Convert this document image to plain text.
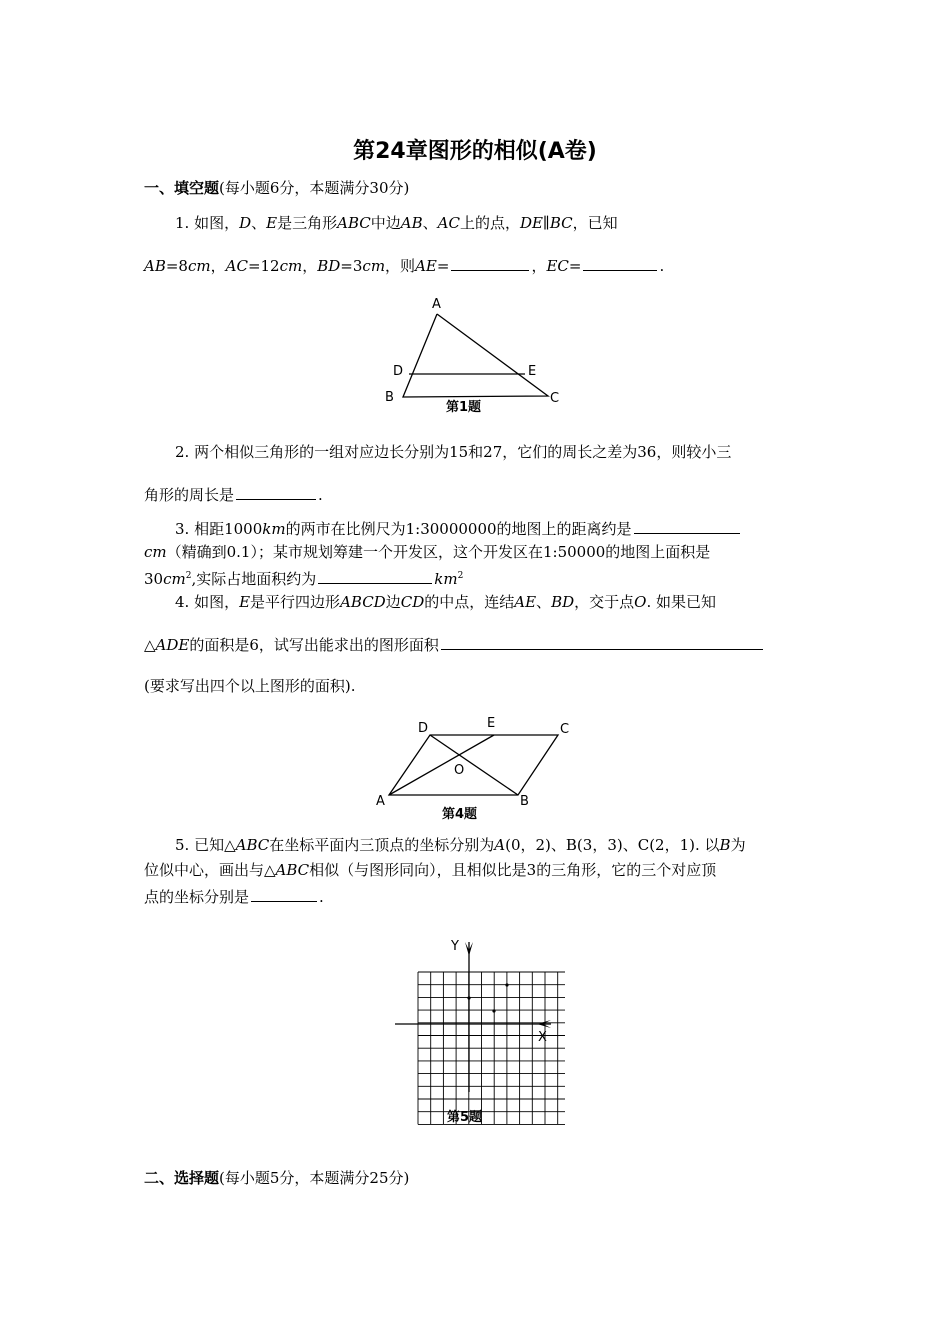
第24章图形的相似(A卷)
一、填空题(每小题6分，本题满分30分)
1. 如图，D、E是三角形ABC中边AB、AC上的点，DE∥BC，已知
AB=8cm，AC=12cm，BD=3cm，则AE=	，EC=	.
A
D	E
B	C
第1题
2. 两个相似三角形的一组对应边长分别为15和27，它们的周长之差为36，则较小三
角形的周长是	.
3. 相距1000km的两市在比例尺为1:30000000的地图上的距离约是
cm（精确到0.1）；某市规划筹建一个开发区，这个开发区在1:50000的地图上面积是
$30cm^2$,实际占地面积约为	$km^2$
4. 如图，E是平行四边形ABCD边CD的中点，连结AE、BD，交于点O. 如果已知
△ADE的面积是6，试写出能求出的图形面积
(要求写出四个以上图形的面积).
D	E	C
O
A	B
第4题
5. 已知△ABC在坐标平面内三顶点的坐标分别为A(0，2)、B(3，3)、C(2，1). 以B为
位似中心，画出与△ABC相似（与图形同向），且相似比是3的三角形，它的三个对应顶
点的坐标分别是	.
Y
X
第5题
二、选择题(每小题5分，本题满分25分)
